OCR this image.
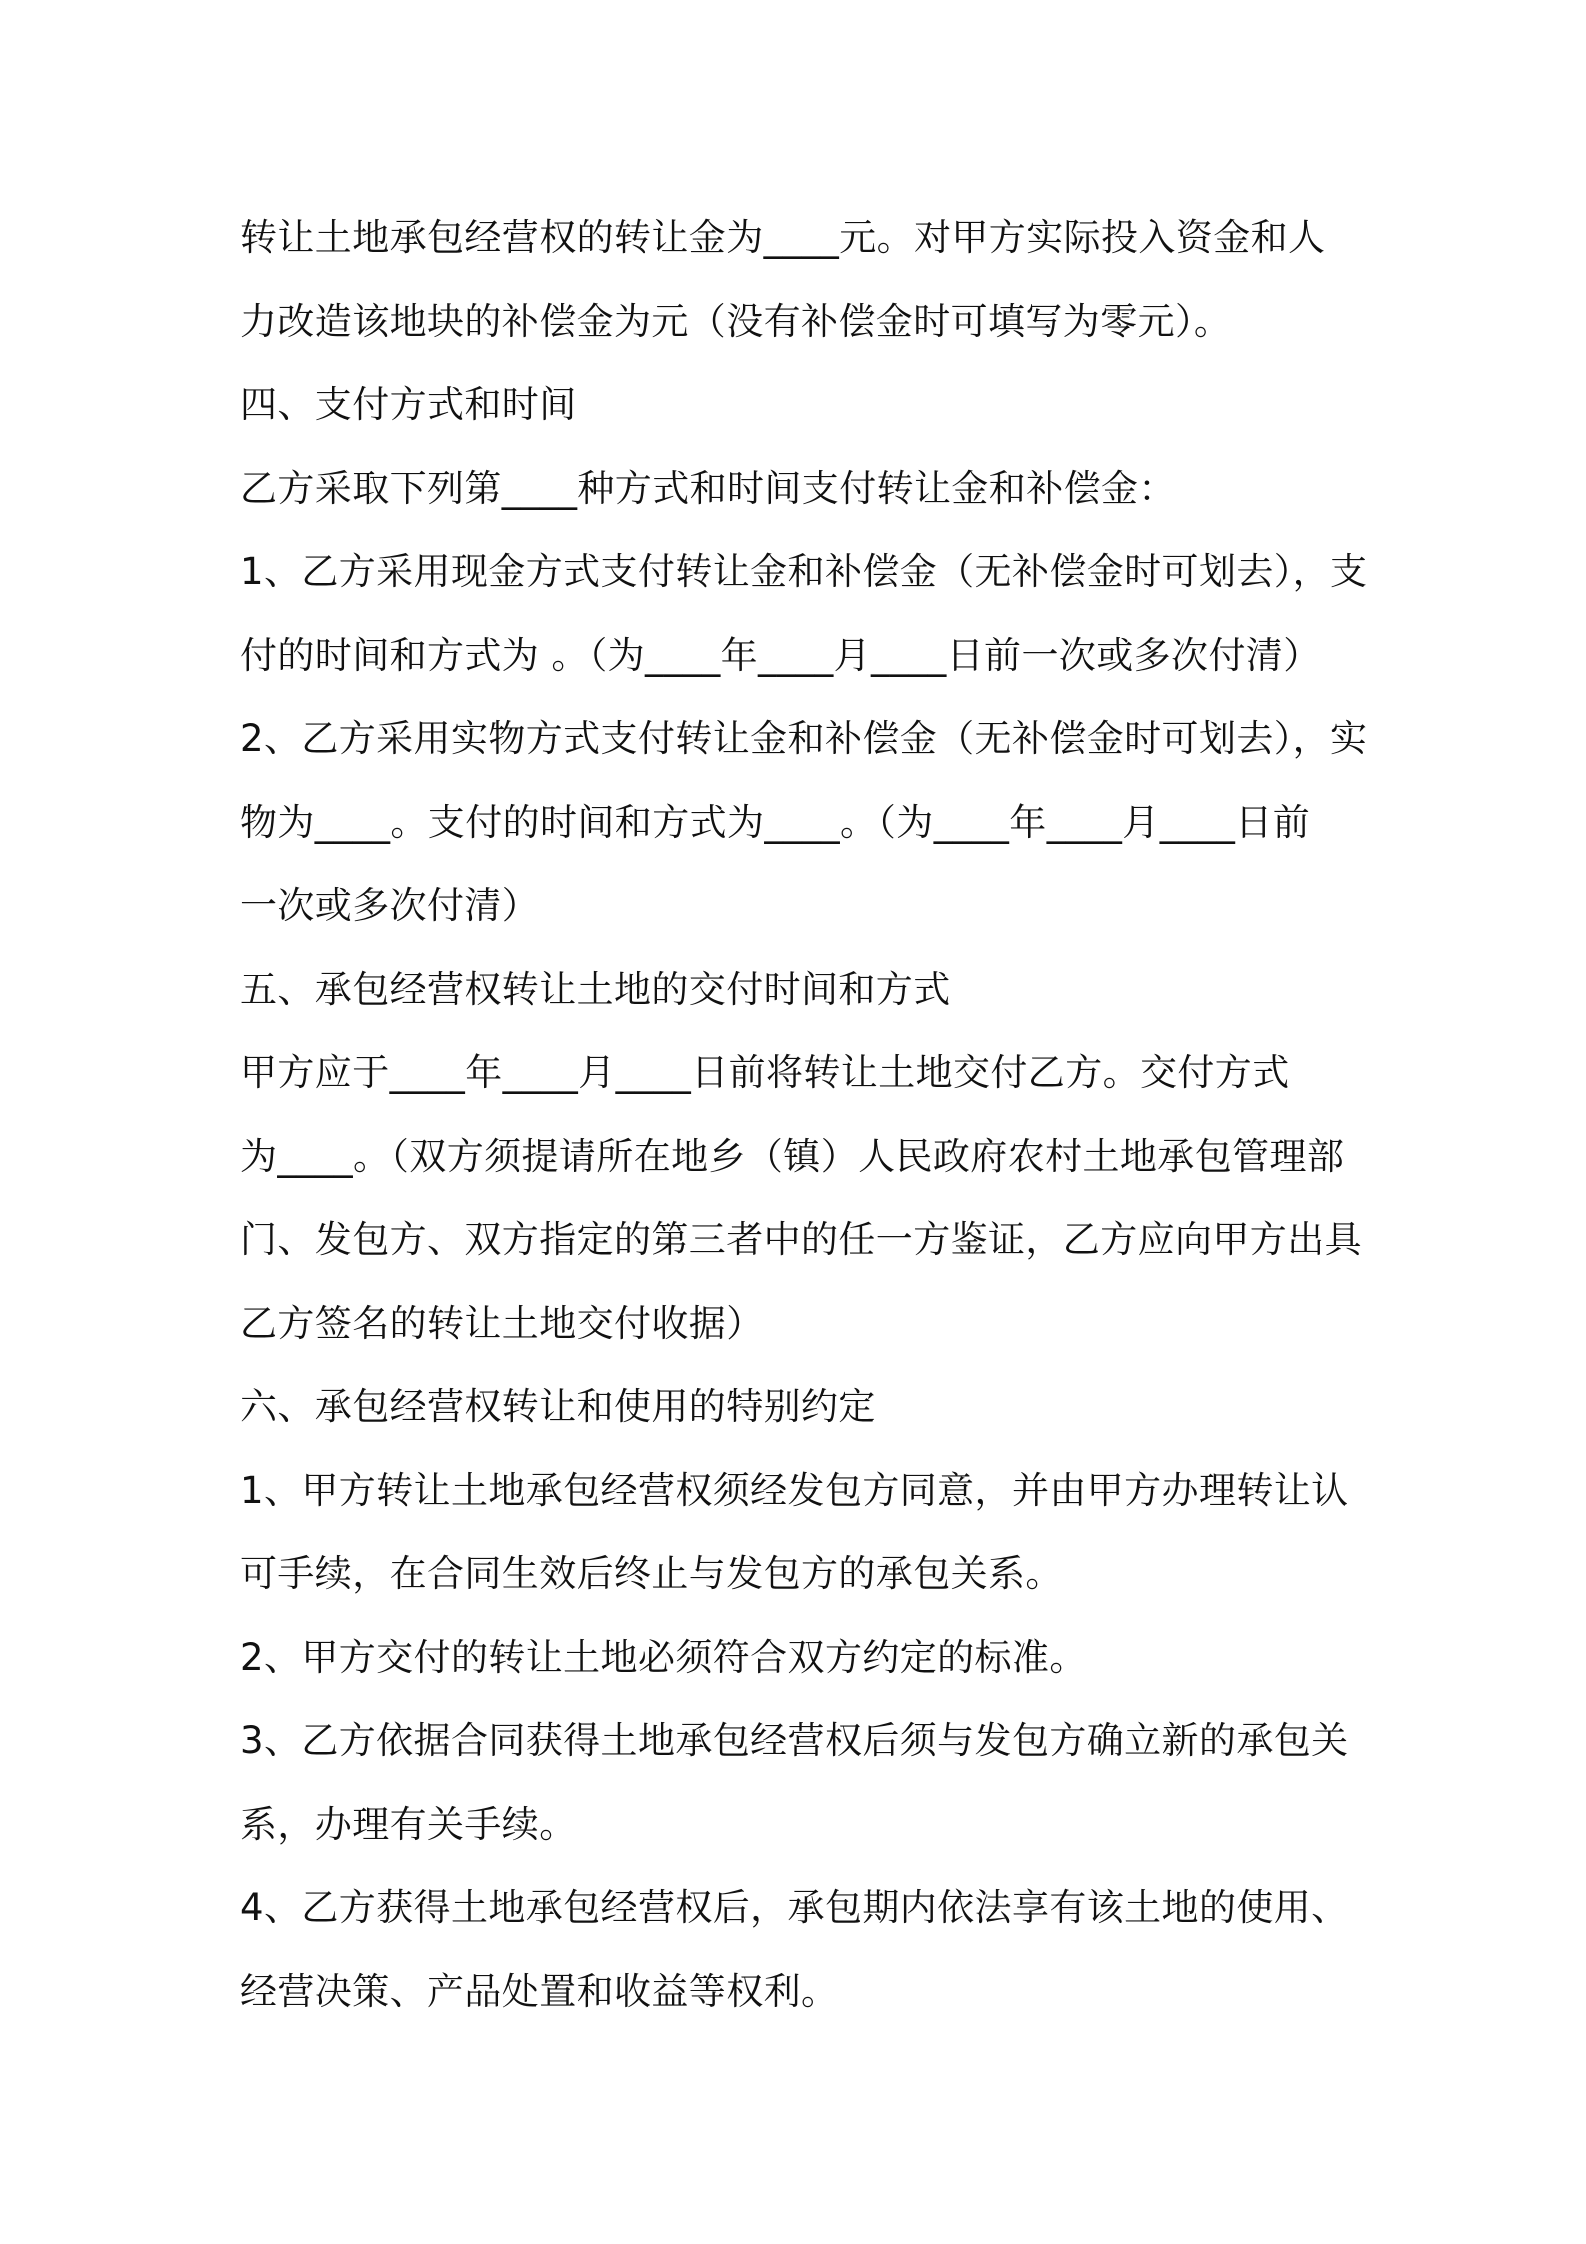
转让土地承包经营权的转让金为____元。对甲方实际投入资金和人
力改造该地块的补偿金为元（没有补偿金时可填写为零元）。
四、支付方式和时间
乙方采取下列第____种方式和时间支付转让金和补偿金：
1、乙方采用现金方式支付转让金和补偿金（无补偿金时可划去），支
付的时间和方式为 。（为____年____月____日前一次或多次付清）
2、乙方采用实物方式支付转让金和补偿金（无补偿金时可划去），实
物为____。支付的时间和方式为____。（为____年____月____日前
一次或多次付清）
五、承包经营权转让土地的交付时间和方式
甲方应于____年____月____日前将转让土地交付乙方。交付方式
为____。（双方须提请所在地乡（镇）人民政府农村土地承包管理部
门、发包方、双方指定的第三者中的任一方鉴证，乙方应向甲方出具
乙方签名的转让土地交付收据）
六、承包经营权转让和使用的特别约定
1、甲方转让土地承包经营权须经发包方同意，并由甲方办理转让认
可手续，在合同生效后终止与发包方的承包关系。
2、甲方交付的转让土地必须符合双方约定的标准。
3、乙方依据合同获得土地承包经营权后须与发包方确立新的承包关
系，办理有关手续。
4、乙方获得土地承包经营权后，承包期内依法享有该土地的使用、
经营决策、产品处置和收益等权利。
